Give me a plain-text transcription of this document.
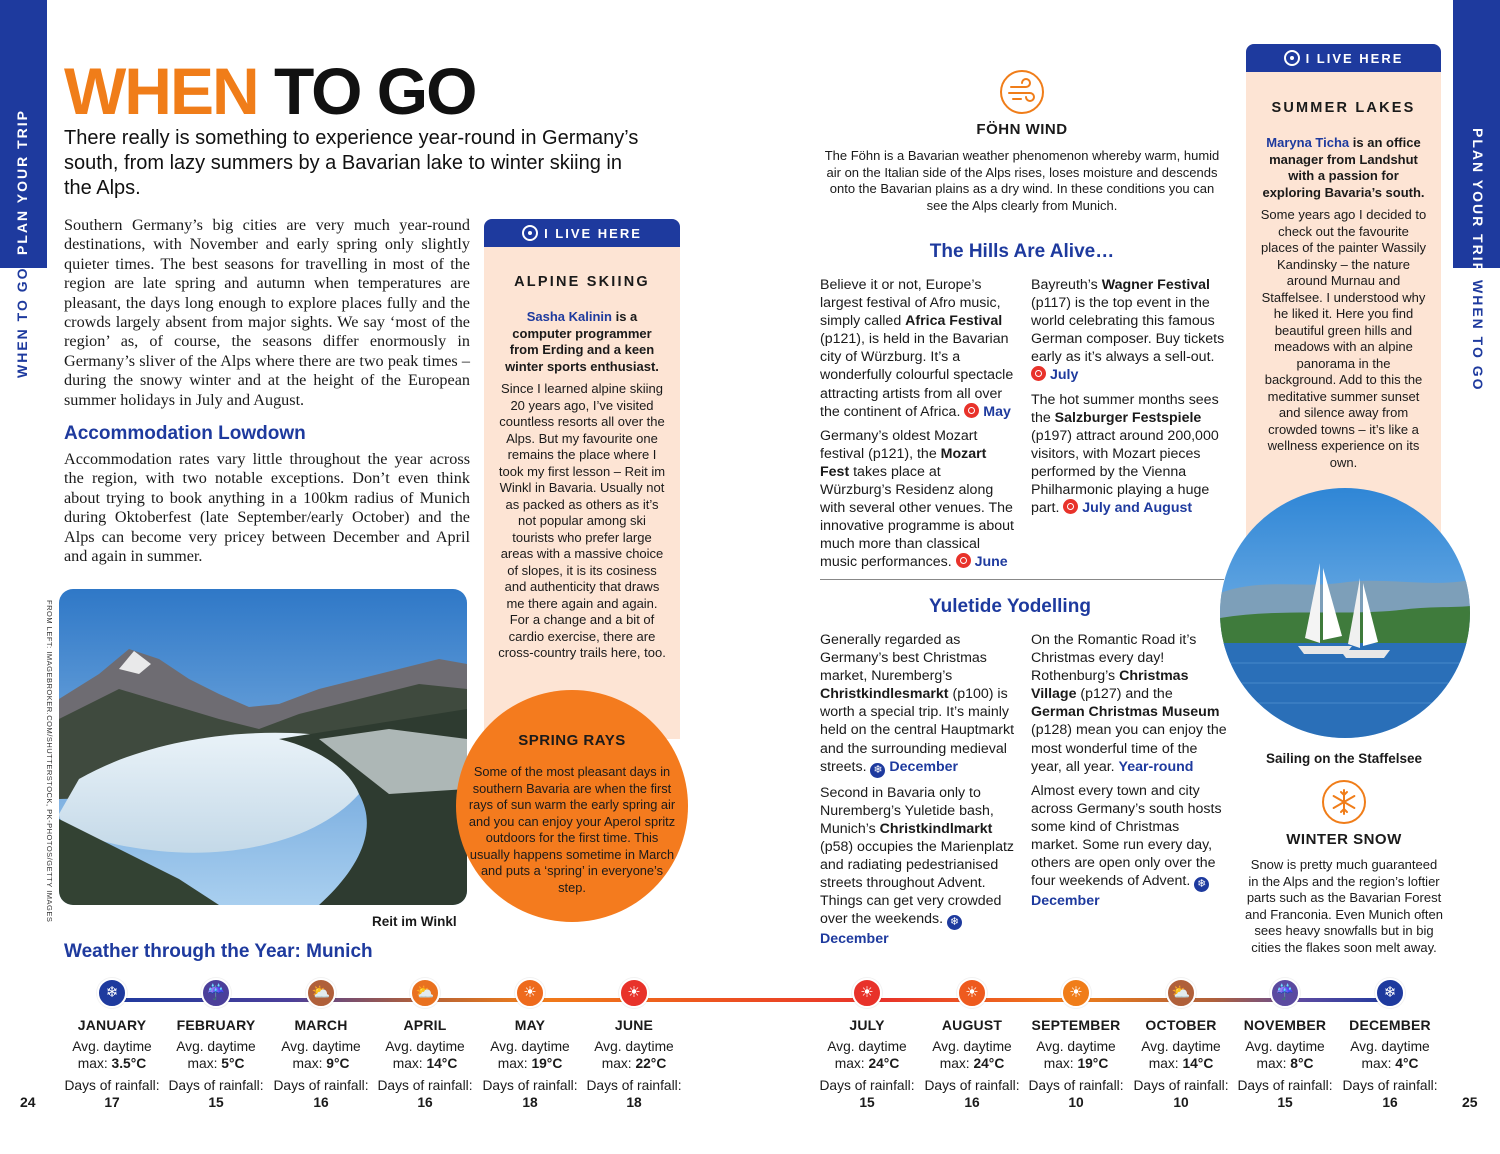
PLAN YOUR TRIP
WHEN TO GO
24
PLAN YOUR TRIP
WHEN TO GO
25
WHEN TO GO
There really is something to experience year-round in Germany’s south, from lazy summers by a Bavarian lake to winter skiing in the Alps.
Southern Germany’s big cities are very much year-round destinations, with November and early spring only slightly quieter times. The best seasons for travelling in most of the region are late spring and autumn when temperatures are pleasant, the days long enough to explore places fully and the crowds largely absent from major sights. We say ‘most of the region’ as, of course, the seasons differ enormously in Germany’s sliver of the Alps where there are two peak times – during the snowy winter and at the height of the European summer holidays in July and August.
Accommodation Lowdown
Accommodation rates vary little throughout the year across the region, with two notable exceptions. Don’t even think about trying to book anything in a 100km radius of Munich during Oktoberfest (late September/early October) and the Alps can become very pricey between December and April and again in summer.
I LIVE HERE
ALPINE SKIING
Sasha Kalinin is a computer programmer from Erding and a keen winter sports enthusiast.
Since I learned alpine skiing 20 years ago, I’ve visited countless resorts all over the Alps. But my favourite one remains the place where I took my first lesson – Reit im Winkl in Bavaria. Usually not as packed as others as it’s not popular among ski tourists who prefer large areas with a massive choice of slopes, it is its cosiness and authenticity that draws me there again and again. For a change and a bit of cardio exercise, there are cross-country trails here, too.
FROM LEFT: IMAGEBROKER.COM/SHUTTERSTOCK, PK-PHOTOS/GETTY IMAGES	Reit im Winkl
SPRING RAYS
Some of the most pleasant days in southern Bavaria are when the first rays of sun warm the early spring air and you can enjoy your Aperol spritz outdoors for the first time. This usually happens sometime in March and puts a ‘spring’ in everyone’s step.
FÖHN WIND
The Föhn is a Bavarian weather phenomenon whereby warm, humid air on the Italian side of the Alps rises, loses moisture and descends onto the Bavarian plains as a dry wind. In these conditions you can see the Alps clearly from Munich.
The Hills Are Alive…

Believe it or not, Europe’s largest festival of Afro music, simply called Africa Festival (p121), is held in the Bavarian city of Würzburg. It’s a wonderfully colourful spectacle attracting artists from all over the continent of Africa.  May

Germany’s oldest Mozart festival (p121), the Mozart Fest takes place at Würzburg’s Residenz along with several other venues. The innovative programme is about much more than classical music performances.  June

Bayreuth’s Wagner Festival (p117) is the top event in the world celebrating this famous German composer. Buy tickets early as it’s always a sell-out.  July

The hot summer months sees the Salzburger Festspiele (p197) attract around 200,000 visitors, with Mozart pieces performed by the Vienna Philharmonic playing a huge part.  July and August

Yuletide Yodelling

Generally regarded as Germany’s best Christmas market, Nuremberg’s Christkindlesmarkt (p100) is worth a special trip. It’s mainly held on the central Hauptmarkt and the surrounding medieval streets. ❄ December

Second in Bavaria only to Nuremberg’s Yuletide bash, Munich’s Christkindlmarkt (p58) occupies the Marienplatz and radiating pedestrianised streets throughout Advent. Things can get very crowded over the weekends. ❄ December

On the Romantic Road it’s Christmas every day! Rothenburg’s Christmas Village (p127) and the German Christmas Museum (p128) mean you can enjoy the most wonderful time of the year, all year. Year-round

Almost every town and city across Germany’s south hosts some kind of Christmas market. Some run every day, others are open only over the four weekends of Advent. ❄ December

I LIVE HERE
SUMMER LAKES
Maryna Ticha is an office manager from Landshut with a passion for exploring Bavaria’s south.
Some years ago I decided to check out the favourite places of the painter Wassily Kandinsky – the nature around Murnau and Staffelsee. I understood why he liked it. Here you find beautiful green hills and meadows with an alpine panorama in the background. Add to this the meditative summer sunset and silence away from crowded towns – it’s like a wellness experience on its own.
Sailing on the Staffelsee
WINTER SNOW
Snow is pretty much guaranteed in the Alps and the region’s loftier parts such as the Bavarian Forest and Franconia. Even Munich often sees heavy snowfalls but in big cities the flakes soon melt away.
Weather through the Year: Munich
❄
JANUARY
Avg. daytime max: 3.5°C
Days of rainfall: 17
☔
FEBRUARY
Avg. daytime max: 5°C
Days of rainfall: 15
⛅
MARCH
Avg. daytime max: 9°C
Days of rainfall: 16
⛅
APRIL
Avg. daytime max: 14°C
Days of rainfall: 16
☀
MAY
Avg. daytime max: 19°C
Days of rainfall: 18
☀
JUNE
Avg. daytime max: 22°C
Days of rainfall: 18
☀
JULY
Avg. daytime max: 24°C
Days of rainfall: 15
☀
AUGUST
Avg. daytime max: 24°C
Days of rainfall: 16
☀
SEPTEMBER
Avg. daytime max: 19°C
Days of rainfall: 10
⛅
OCTOBER
Avg. daytime max: 14°C
Days of rainfall: 10
☔
NOVEMBER
Avg. daytime max: 8°C
Days of rainfall: 15
❄
DECEMBER
Avg. daytime max: 4°C
Days of rainfall: 16
